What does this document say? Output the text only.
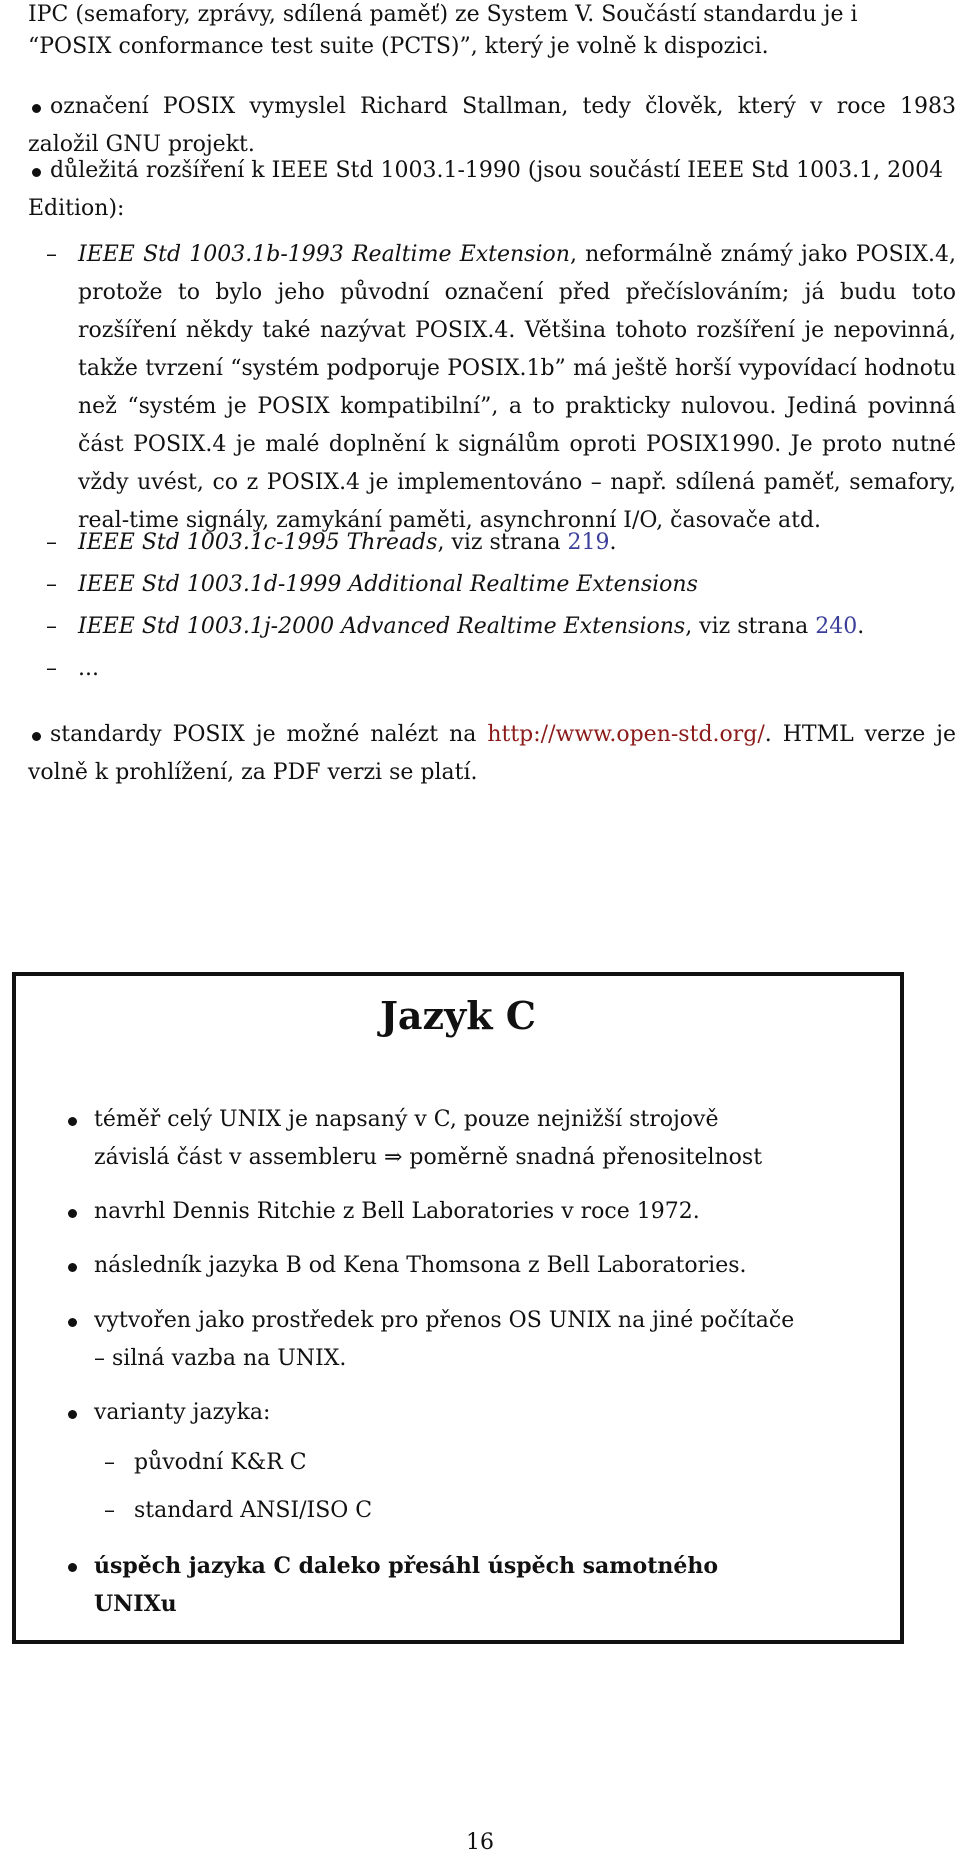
IPC (semafory, zprávy, sdílená paměť) ze System V. Součástí standardu je i

“POSIX conformance test suite (PCTS)”, který je volně k dispozici.

označení POSIX vymyslel Richard Stallman, tedy člověk, který v roce 1983 založil GNU projekt.

důležitá rozšíření k IEEE Std 1003.1-1990 (jsou součástí IEEE Std 1003.1, 2004 Edition):

– IEEE Std 1003.1b-1993 Realtime Extension, neformálně známý jako POSIX.4, protože to bylo jeho původní označení před přečíslováním; já budu toto rozšíření někdy také nazývat POSIX.4. Většina tohoto rozšíření je nepovinná, takže tvrzení “systém podporuje POSIX.1b” má ještě horší vypovídací hodnotu než “systém je POSIX kompatibilní”, a to prakticky nulovou. Jediná povinná část POSIX.4 je malé doplnění k signálům oproti POSIX1990. Je proto nutné vždy uvést, co z POSIX.4 je implementováno – např. sdílená paměť, semafory, real-time signály, zamykání paměti, asynchronní I/O, časovače atd.

– IEEE Std 1003.1c-1995 Threads, viz strana 219.

– IEEE Std 1003.1d-1999 Additional Realtime Extensions

– IEEE Std 1003.1j-2000 Advanced Realtime Extensions, viz strana 240.

– ...

standardy POSIX je možné nalézt na http://www.open-std.org/. HTML verze je volně k prohlížení, za PDF verzi se platí.

Jazyk C

téměř celý UNIX je napsaný v C, pouze nejnižší strojově

závislá část v assembleru ⇒ poměrně snadná přenositelnost

navrhl Dennis Ritchie z Bell Laboratories v roce 1972.

následník jazyka B od Kena Thomsona z Bell Laboratories.

vytvořen jako prostředek pro přenos OS UNIX na jiné počítače

– silná vazba na UNIX.

varianty jazyka:

– původní K&R C

– standard ANSI/ISO C

úspěch jazyka C daleko přesáhl úspěch samotného

UNIXu

16
